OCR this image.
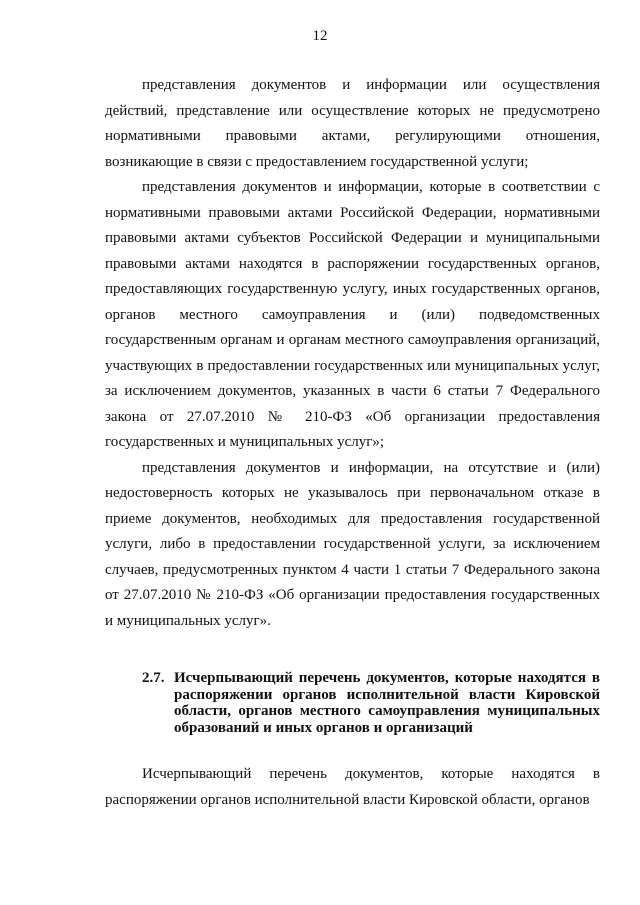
12

представления документов и информации или осуществления действий, представление или осуществление которых не предусмотрено нормативными правовыми актами, регулирующими отношения, возникающие в связи с предоставлением государственной услуги;

представления документов и информации, которые в соответствии с нормативными правовыми актами Российской Федерации, нормативными правовыми актами субъектов Российской Федерации и муниципальными правовыми актами находятся в распоряжении государственных органов, предоставляющих государственную услугу, иных государственных органов, органов местного самоуправления и (или) подведомственных государственным органам и органам местного самоуправления организаций, участвующих в предоставлении государственных или муниципальных услуг, за исключением документов, указанных в части 6 статьи 7 Федерального закона от 27.07.2010 № 210-ФЗ «Об организации предоставления государственных и муниципальных услуг»;

представления документов и информации, на отсутствие и (или) недостоверность которых не указывалось при первоначальном отказе в приеме документов, необходимых для предоставления государственной услуги, либо в предоставлении государственной услуги, за исключением случаев, предусмотренных пунктом 4 части 1 статьи 7 Федерального закона от 27.07.2010 № 210-ФЗ «Об организации предоставления государственных и муниципальных услуг».

2.7. Исчерпывающий перечень документов, которые находятся в распоряжении органов исполнительной власти Кировской области, органов местного самоуправления муниципальных образований и иных органов и организаций

Исчерпывающий перечень документов, которые находятся в распоряжении органов исполнительной власти Кировской области, органов
